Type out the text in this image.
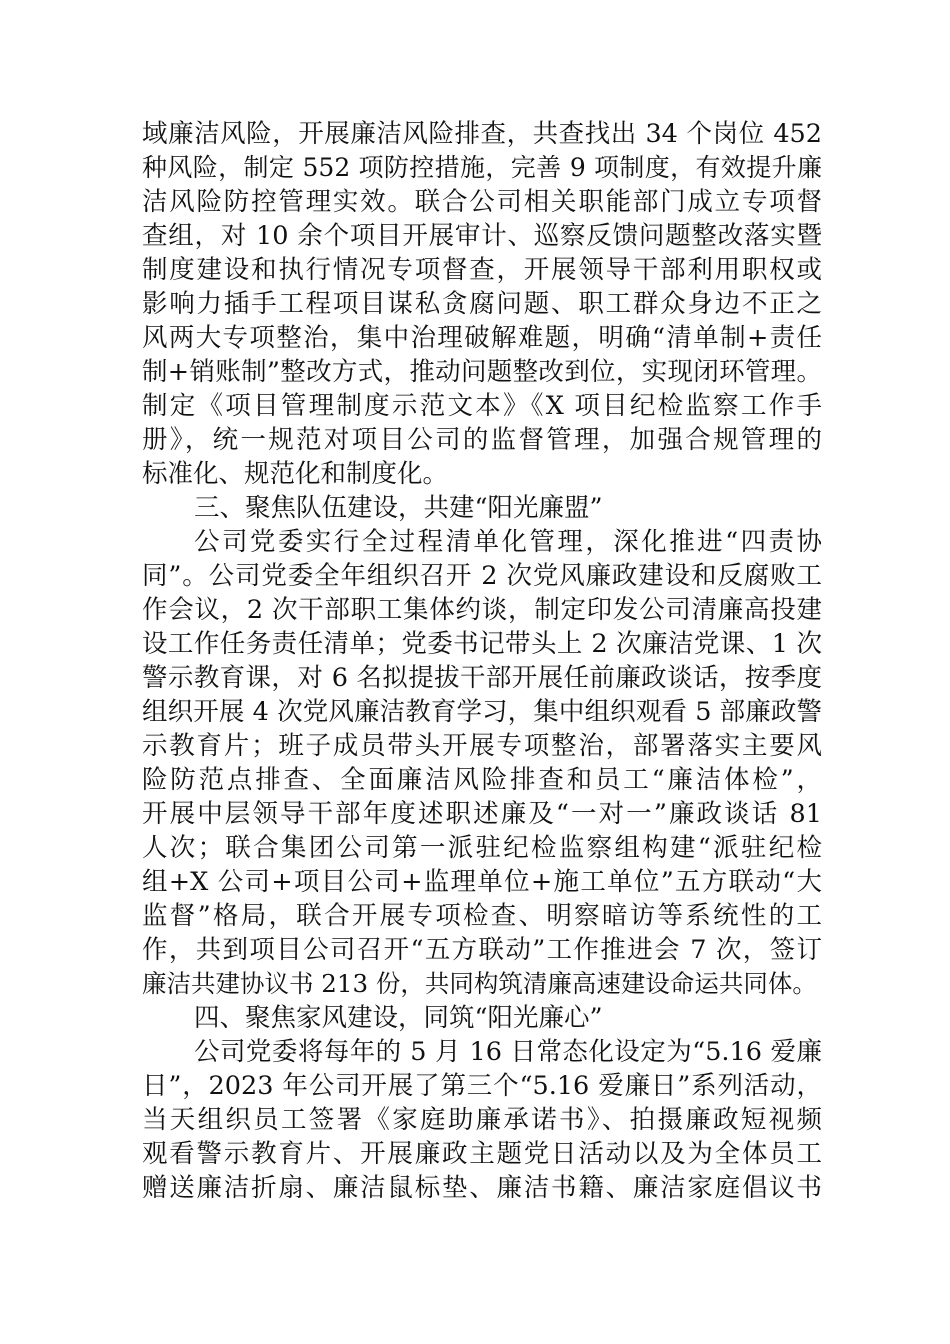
域廉洁风险，开展廉洁风险排查，共查找出 34 个岗位 452
种风险，制定 552 项防控措施，完善 9 项制度，有效提升廉
洁风险防控管理实效。联合公司相关职能部门成立专项督
查组，对 10 余个项目开展审计、巡察反馈问题整改落实暨
制度建设和执行情况专项督查，开展领导干部利用职权或
影响力插手工程项目谋私贪腐问题、职工群众身边不正之
风两大专项整治，集中治理破解难题，明确“清单制+责任
制+销账制”整改方式，推动问题整改到位，实现闭环管理。
制定《项目管理制度示范文本》《X 项目纪检监察工作手
册》，统一规范对项目公司的监督管理，加强合规管理的
标准化、规范化和制度化。
三、聚焦队伍建设，共建“阳光廉盟”
公司党委实行全过程清单化管理，深化推进“四责协
同”。公司党委全年组织召开 2 次党风廉政建设和反腐败工
作会议，2 次干部职工集体约谈，制定印发公司清廉高投建
设工作任务责任清单；党委书记带头上 2 次廉洁党课、1 次
警示教育课，对 6 名拟提拔干部开展任前廉政谈话，按季度
组织开展 4 次党风廉洁教育学习，集中组织观看 5 部廉政警
示教育片；班子成员带头开展专项整治，部署落实主要风
险防范点排查、全面廉洁风险排查和员工“廉洁体检”，
开展中层领导干部年度述职述廉及“一对一”廉政谈话 81
人次；联合集团公司第一派驻纪检监察组构建“派驻纪检
组+X 公司+项目公司+监理单位+施工单位”五方联动“大
监督”格局，联合开展专项检查、明察暗访等系统性的工
作，共到项目公司召开“五方联动”工作推进会 7 次，签订
廉洁共建协议书 213 份，共同构筑清廉高速建设命运共同体。
四、聚焦家风建设，同筑“阳光廉心”
公司党委将每年的 5 月 16 日常态化设定为“5.16 爱廉
日”，2023 年公司开展了第三个“5.16 爱廉日”系列活动，
当天组织员工签署《家庭助廉承诺书》、拍摄廉政短视频
观看警示教育片、开展廉政主题党日活动以及为全体员工
赠送廉洁折扇、廉洁鼠标垫、廉洁书籍、廉洁家庭倡议书
